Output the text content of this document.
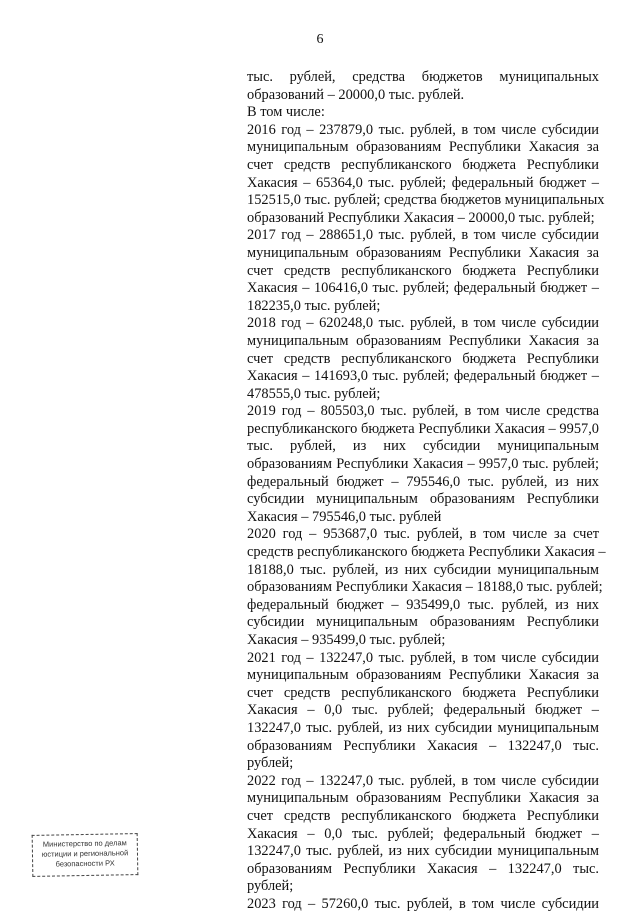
6
тыс. рублей, средства бюджетов муниципальных
образований – 20000,0 тыс. рублей.
В том числе:
2016 год – 237879,0 тыс. рублей, в том числе субсидии
муниципальным образованиям Республики Хакасия за
счет средств республиканского бюджета Республики
Хакасия – 65364,0 тыс. рублей; федеральный бюджет –
152515,0 тыс. рублей; средства бюджетов муниципальных
образований Республики Хакасия – 20000,0 тыс. рублей;
2017 год – 288651,0 тыс. рублей, в том числе субсидии
муниципальным образованиям Республики Хакасия за
счет средств республиканского бюджета Республики
Хакасия – 106416,0 тыс. рублей; федеральный бюджет –
182235,0 тыс. рублей;
2018 год – 620248,0 тыс. рублей, в том числе субсидии
муниципальным образованиям Республики Хакасия за
счет средств республиканского бюджета Республики
Хакасия – 141693,0 тыс. рублей; федеральный бюджет –
478555,0 тыс. рублей;
2019 год – 805503,0 тыс. рублей, в том числе средства
республиканского бюджета Республики Хакасия – 9957,0
тыс. рублей, из них субсидии муниципальным
образованиям Республики Хакасия – 9957,0 тыс. рублей;
федеральный бюджет – 795546,0 тыс. рублей, из них
субсидии муниципальным образованиям Республики
Хакасия – 795546,0 тыс. рублей
2020 год – 953687,0 тыс. рублей, в том числе за счет
средств республиканского бюджета Республики Хакасия –
18188,0 тыс. рублей, из них субсидии муниципальным
образованиям Республики Хакасия – 18188,0 тыс. рублей;
федеральный бюджет – 935499,0 тыс. рублей, из них
субсидии муниципальным образованиям Республики
Хакасия – 935499,0 тыс. рублей;
2021 год – 132247,0 тыс. рублей, в том числе субсидии
муниципальным образованиям Республики Хакасия за
счет средств республиканского бюджета Республики
Хакасия – 0,0 тыс. рублей; федеральный бюджет –
132247,0 тыс. рублей, из них субсидии муниципальным
образованиям Республики Хакасия – 132247,0 тыс.
рублей;
2022 год – 132247,0 тыс. рублей, в том числе субсидии
муниципальным образованиям Республики Хакасия за
счет средств республиканского бюджета Республики
Хакасия – 0,0 тыс. рублей; федеральный бюджет –
132247,0 тыс. рублей, из них субсидии муниципальным
образованиям Республики Хакасия – 132247,0 тыс.
рублей;
2023 год – 57260,0 тыс. рублей, в том числе субсидии
Министерство по делам
юстиции и региональной
безопасности РХ
